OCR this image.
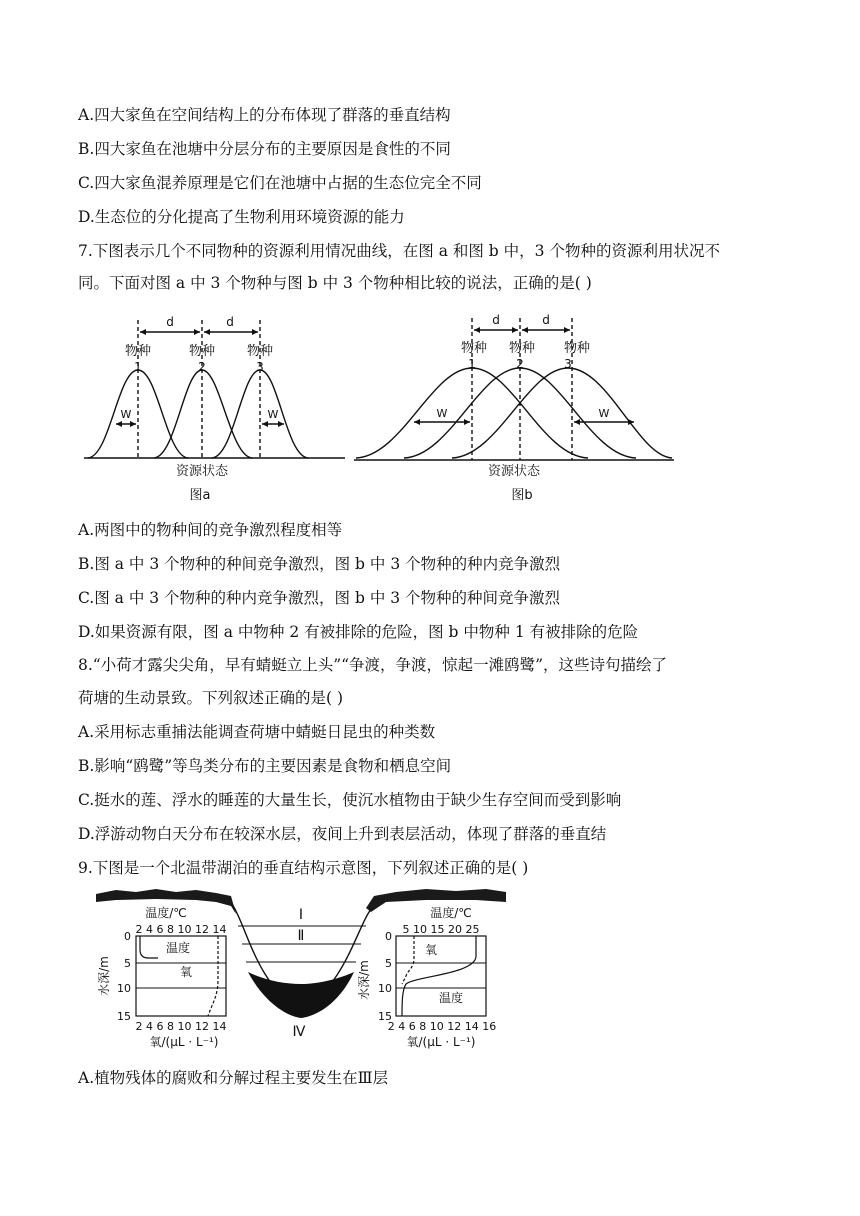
A.四大家鱼在空间结构上的分布体现了群落的垂直结构
B.四大家鱼在池塘中分层分布的主要原因是食性的不同
C.四大家鱼混养原理是它们在池塘中占据的生态位完全不同
D.生态位的分化提高了生物利用环境资源的能力
7.下图表示几个不同物种的资源利用情况曲线，在图 a 和图 b 中，3 个物种的资源利用状况不
同。下面对图 a 中 3 个物种与图 b 中 3 个物种相比较的说法，正确的是( )
d	d
物种	物种 物种
1	2	3
W	W
资源状态
图a
d	d
物种 物种 物种
1	2	3
W	W
资源状态
图b
A.两图中的物种间的竞争激烈程度相等
B.图 a 中 3 个物种的种间竞争激烈，图 b 中 3 个物种的种内竞争激烈
C.图 a 中 3 个物种的种内竞争激烈，图 b 中 3 个物种的种间竞争激烈
D.如果资源有限，图 a 中物种 2 有被排除的危险，图 b 中物种 1 有被排除的危险
8.“小荷才露尖尖角，早有蜻蜓立上头”“争渡，争渡，惊起一滩鸥鹭”，这些诗句描绘了
荷塘的生动景致。下列叙述正确的是( )
A.采用标志重捕法能调查荷塘中蜻蜓日昆虫的种类数
B.影响“鸥鹭”等鸟类分布的主要因素是食物和栖息空间
C.挺水的莲、浮水的睡莲的大量生长，使沉水植物由于缺少生存空间而受到影响
D.浮游动物白天分布在较深水层，夜间上升到表层活动，体现了群落的垂直结
9.下图是一个北温带湖泊的垂直结构示意图，下列叙述正确的是( )
Ⅰ
Ⅱ
Ⅲ
Ⅳ
温度/℃
2 4 6 8 10 12 14
温度
氧
0
5
10
15
水深/m
2 4 6 8 10 12 14
氧/(μL · L⁻¹)
温度/℃
5 10 15 20 25
氧
温度
0
5
10
15
水深/m
2 4 6 8 10 12 14 16
氧/(μL · L⁻¹)
A.植物残体的腐败和分解过程主要发生在Ⅲ层
